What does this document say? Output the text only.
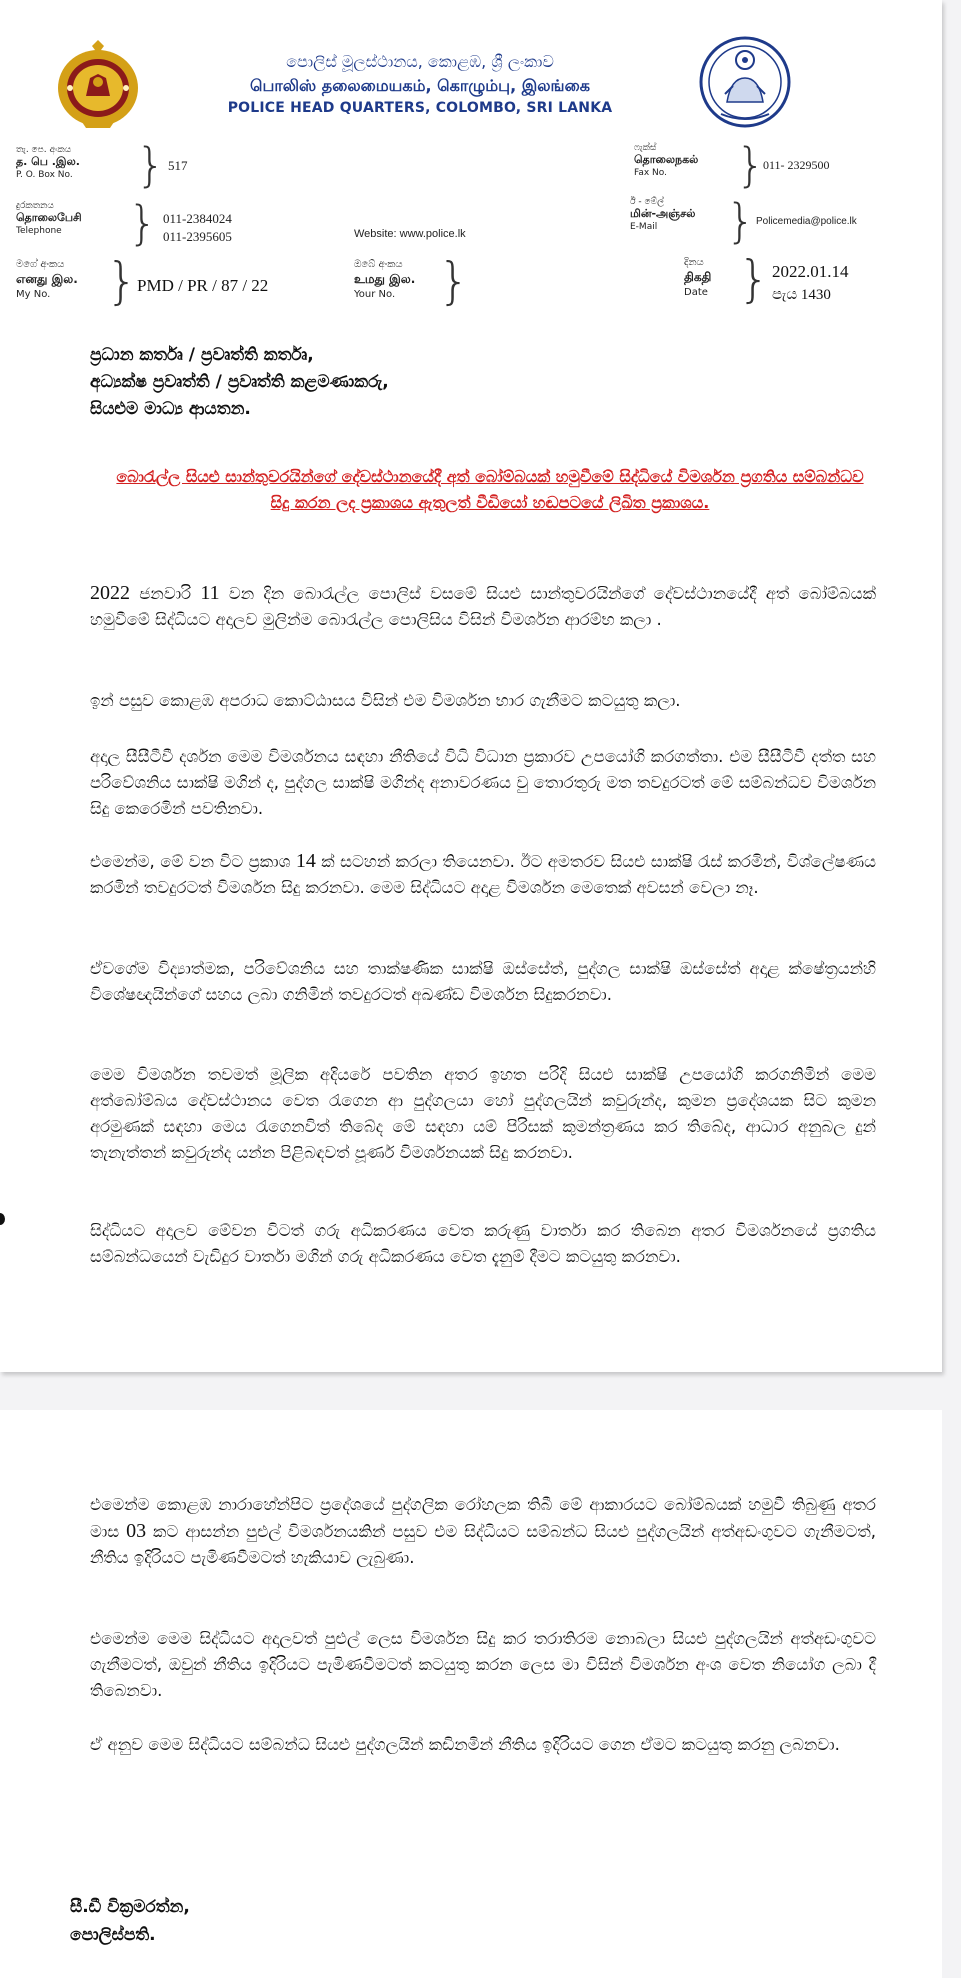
පොලිස් මූලස්ථානය, කොළඹ, ශ්‍රී ලංකාව
பொலிஸ் தலைமையகம், கொழும்பு, இலங்கை
POLICE HEAD QUARTERS, COLOMBO, SRI LANKA
තැ. පෙ. අංකය
த. பெ .இல.
P. O. Box No. } 517
ෆැක්ස්
தொலைநகல்
Fax No.	}
011- 2329500
දුරකතනය
தொலைபேசி
Telephone	} 011-2384024
011-2395605	Website: www.police.lk
ඊ - මේල්
மின்-அஞ்சல்
E-Mail	} Policemedia@police.lk
මගේ අංකය
எனது இல.
My No.	} PMD / PR / 87 / 22
ඔබේ අංකය
உமது இல.
Your No. }	දිනය
திகதி
Date } 2022.01.14
පැය 1430
ප්‍රධාන කර්තෘ / ප්‍රවෘත්ති කර්තෘ,
අධ්‍යක්ෂ ප්‍රවෘත්ති / ප්‍රවෘත්ති කළමණාකරු,
සියළුම මාධ්‍ය ආයතන.
බොරැල්ල සියළු සාන්තුවරයින්ගේ දේවස්ථානයේදී අත් බෝම්බයක් හමුවීමේ සිද්ධියේ විමර්ශන ප්‍රගතිය සම්බන්ධව සිදු කරන ලද ප්‍රකාශය ඇතුලත් වීඩියෝ හඬපටයේ ලිඛිත ප්‍රකාශය.

2022 ජනවාරි 11 වන දින බොරැල්ල පොලිස් වසමේ සියළු සාන්තුවරයින්ගේ දේවස්ථානයේදී අත් බෝම්බයක් හමුවීමේ සිද්ධියට අදාලව මුලින්ම බොරැල්ල පොලිසිය විසින් විමර්ශන ආරම්භ කලා .

ඉන් පසුව කොළඹ අපරාධ කොට්ඨාසය විසින් එම විමර්ශන භාර ගැනීමට කටයුතු කලා.

අදාල සීසීටීවී දර්ශන මෙම විමර්ශනය සඳහා නීතියේ විධි විධාන ප්‍රකාරව උපයෝගි කරගත්තා. එම සීසීටීවී දත්ත සහ පරිවේශනිය සාක්ෂි මගින් ද, පුද්ගල සාක්ෂි මගින්ද අනාවරණය වු තොරතුරු මත තවදුරටත් මේ සම්බන්ධව විමර්ශන සිදු කෙරෙමින් පවතිනවා.

එමෙන්ම, මේ වන විට ප්‍රකාශ 14 ක් සටහන් කරලා තියෙනවා. ඊට අමතරව සියළු සාක්ෂි රැස් කරමින්, විශ්ලේෂණය කරමින් තවදුරටත් විමර්ශන සිදු කරනවා. මෙම සිද්ධියට අදාළ විමර්ශන මෙතෙක් අවසන් වෙලා නෑ.

ඒවගේම විද්‍යාත්මක, පරිවේශනිය සහ තාක්ෂණික සාක්ෂි ඔස්සේත්, පුද්ගල සාක්ෂි ඔස්සේත් අදාළ ක්ෂේත්‍රයන්හි විශේෂඥයින්ගේ සහය ලබා ගනිමින් තවදුරටත් අඛණ්ඩ විමර්ශන සිදුකරනවා.

මෙම විමර්ශන තවමත් මූලික අදියරේ පවතින අතර ඉහත පරිදි සියළු සාක්ෂි උපයෝගි කරගනිමින් මෙම අත්බෝම්බය දේවස්ථානය වෙත රැගෙන ආ පුද්ගලයා හෝ පුද්ගලයින් කවුරුන්ද, කුමන ප්‍රදේශයක සිට කුමන අරමුණක් සඳහා මෙය රැගෙනවිත් තිබේද මේ සඳහා යම් පිරිසක් කුමන්ත්‍රණය කර තිබේද, ආධාර අනුබල දුන් තැනැත්තන් කවුරුන්ද යන්න පිළිබඳවත් පූර්ණ විමර්ශනයක් සිදු කරනවා.

සිද්ධියට අදාලව මේවන විටත් ගරු අධිකරණය වෙත කරුණු වාර්තා කර තිබෙන අතර විමර්ශනයේ ප්‍රගතිය සම්බන්ධයෙන් වැඩිදුර වාර්තා මගින් ගරු අධිකරණය වෙත දැනුම් දීමට කටයුතු කරනවා.

එමෙන්ම කොළඹ නාරාහේන්පිට ප්‍රදේශයේ පුද්ගලික රෝහලක තිබී මේ ආකාරයට බෝම්බයක් හමුවී තිබුණු අතර මාස 03 කට ආසන්න පුළුල් විමර්ශනයකින් පසුව එම සිද්ධියට සම්බන්ධ සියළු පුද්ගලයින් අත්අඩංගුවට ගැනීමටත්, නීතිය ඉදිරියට පැමිණවීමටත් හැකියාව ලැබුණා.

එමෙන්ම මෙම සිද්ධියට අදාලවත් පුළුල් ලෙස විමර්ශන සිදු කර තරාතිරම නොබලා සියළු පුද්ගලයින් අත්අඩංගුවට ගැනීමටත්, ඔවුන් නීතිය ඉදිරියට පැමිණවීමටත් කටයුතු කරන ලෙස මා විසින් විමර්ශන අංශ වෙත නියෝග ලබා දී තිබෙනවා.

ඒ අනුව මෙම සිද්ධියට සම්බන්ධ සියළු පුද්ගලයින් කඩිනමින් නීතිය ඉදිරියට ගෙන ඒමට කටයුතු කරනු ලබනවා.

සී.ඩී වික්‍රමරත්න,
පොලිස්පති.
